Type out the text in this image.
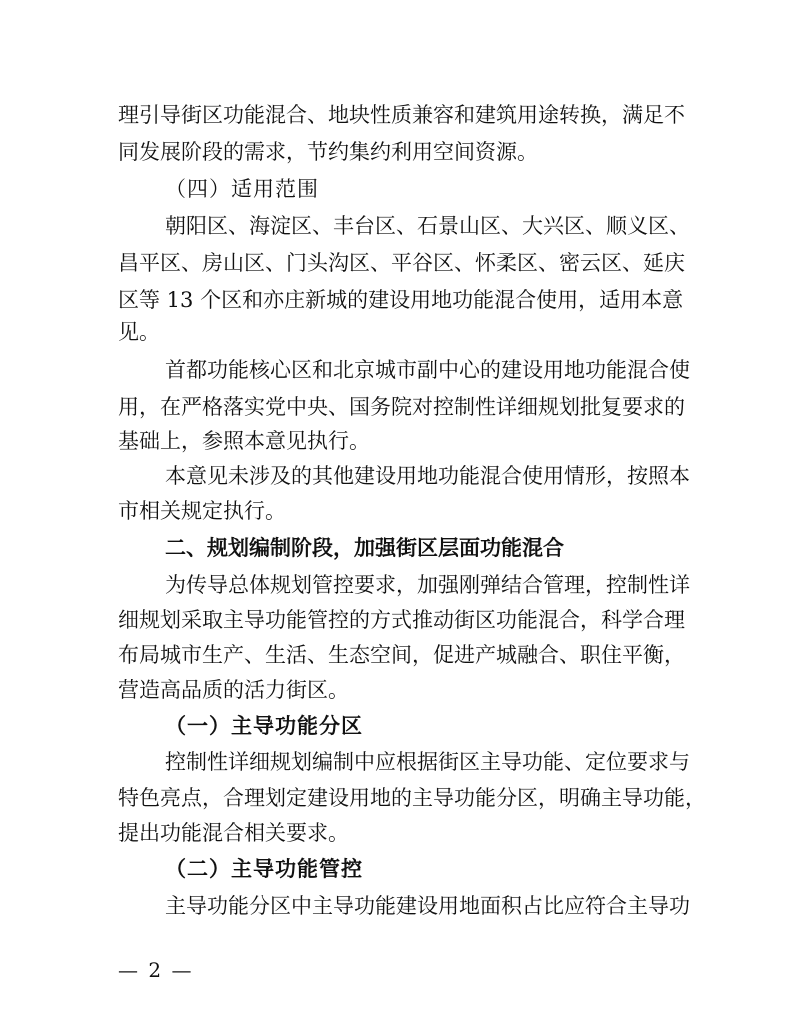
理引导街区功能混合、地块性质兼容和建筑用途转换，满足不
同发展阶段的需求，节约集约利用空间资源。
（四）适用范围
朝阳区、海淀区、丰台区、石景山区、大兴区、顺义区、
昌平区、房山区、门头沟区、平谷区、怀柔区、密云区、延庆
区等 13 个区和亦庄新城的建设用地功能混合使用，适用本意
见。
首都功能核心区和北京城市副中心的建设用地功能混合使
用，在严格落实党中央、国务院对控制性详细规划批复要求的
基础上，参照本意见执行。
本意见未涉及的其他建设用地功能混合使用情形，按照本
市相关规定执行。
二、规划编制阶段，加强街区层面功能混合
为传导总体规划管控要求，加强刚弹结合管理，控制性详
细规划采取主导功能管控的方式推动街区功能混合，科学合理
布局城市生产、生活、生态空间，促进产城融合、职住平衡，
营造高品质的活力街区。
（一）主导功能分区
控制性详细规划编制中应根据街区主导功能、定位要求与
特色亮点，合理划定建设用地的主导功能分区，明确主导功能，
提出功能混合相关要求。
（二）主导功能管控
主导功能分区中主导功能建设用地面积占比应符合主导功
— 2 —
